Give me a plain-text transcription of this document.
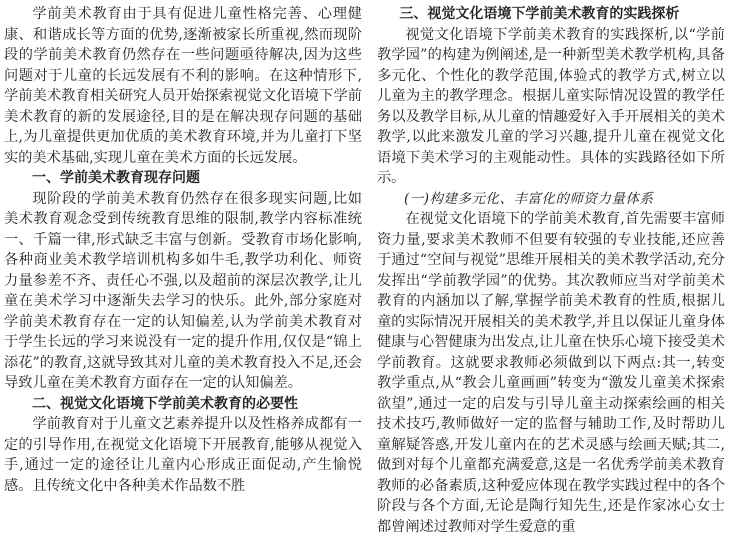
学前美术教育由于具有促进儿童性格完善、心理健康、和谐成长等方面的优势,逐渐被家长所重视,然而现阶段的学前美术教育仍然存在一些问题亟待解决,因为这些问题对于儿童的长远发展有不利的影响。在这种情形下,学前美术教育相关研究人员开始探索视觉文化语境下学前美术教育的新的发展途径,目的是在解决现存问题的基础上,为儿童提供更加优质的美术教育环境,并为儿童打下坚实的美术基础,实现儿童在美术方面的长远发展。

一、学前美术教育现存问题

现阶段的学前美术教育仍然存在很多现实问题,比如美术教育观念受到传统教育思维的限制,教学内容标准统一、千篇一律,形式缺乏丰富与创新。受教育市场化影响,各种商业美术教学培训机构多如牛毛,教学功利化、师资力量参差不齐、责任心不强,以及超前的深层次教学,让儿童在美术学习中逐渐失去学习的快乐。此外,部分家庭对学前美术教育存在一定的认知偏差,认为学前美术教育对于学生长远的学习来说没有一定的提升作用,仅仅是“锦上添花”的教育,这就导致其对儿童的美术教育投入不足,还会导致儿童在美术教育方面存在一定的认知偏差。

二、视觉文化语境下学前美术教育的必要性

学前教育对于儿童文艺素养提升以及性格养成都有一定的引导作用,在视觉文化语境下开展教育,能够从视觉入手,通过一定的途径让儿童内心形成正面促动,产生愉悦感。且传统文化中各种美术作品数不胜

三、视觉文化语境下学前美术教育的实践探析

视觉文化语境下学前美术教育的实践探析,以“学前教学园”的构建为例阐述,是一种新型美术教学机构,具备多元化、个性化的教学范围,体验式的教学方式,树立以儿童为主的教学理念。根据儿童实际情况设置的教学任务以及教学目标,从儿童的情趣爱好入手开展相关的美术教学,以此来激发儿童的学习兴趣,提升儿童在视觉文化语境下美术学习的主观能动性。具体的实践路径如下所示。

(一)构建多元化、丰富化的师资力量体系

在视觉文化语境下的学前美术教育,首先需要丰富师资力量,要求美术教师不但要有较强的专业技能,还应善于通过“空间与视觉”思维开展相关的美术教学活动,充分发挥出“学前教学园”的优势。其次教师应当对学前美术教育的内涵加以了解,掌握学前美术教育的性质,根据儿童的实际情况开展相关的美术教学,并且以保证儿童身体健康与心智健康为出发点,让儿童在快乐心境下接受美术学前教育。这就要求教师必须做到以下两点:其一,转变教学重点,从“教会儿童画画”转变为“激发儿童美术探索欲望”,通过一定的启发与引导儿童主动探索绘画的相关技术技巧,教师做好一定的监督与辅助工作,及时帮助儿童解疑答惑,开发儿童内在的艺术灵感与绘画天赋;其二,做到对每个儿童都充满爱意,这是一名优秀学前美术教育教师的必备素质,这种爱应体现在教学实践过程中的各个阶段与各个方面,无论是陶行知先生,还是作家冰心女士都曾阐述过教师对学生爱意的重
